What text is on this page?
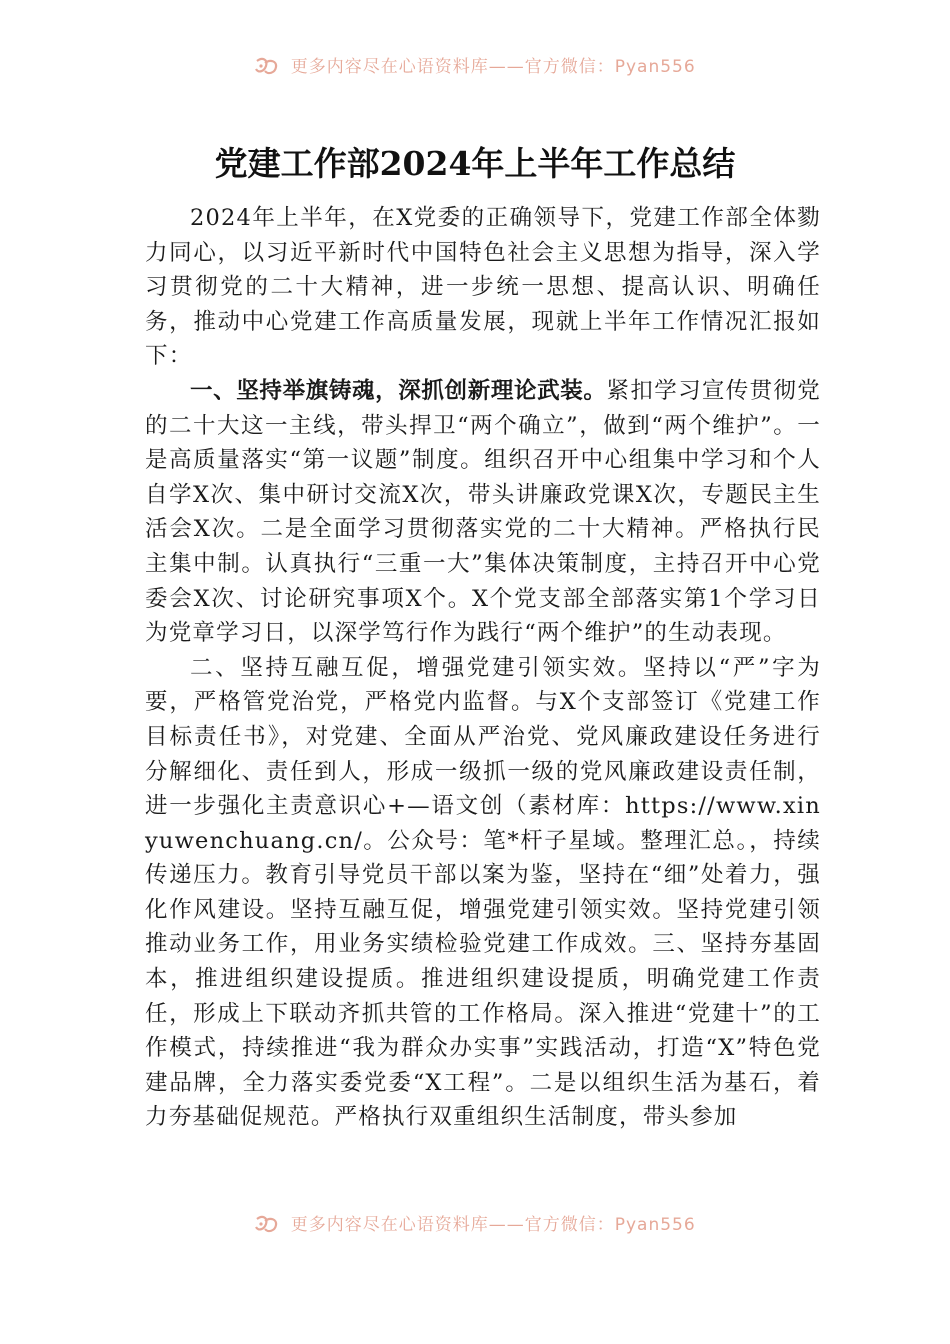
更多内容尽在心语资料库——官方微信：Pyan556
党建工作部2024年上半年工作总结

2024年上半年，在X党委的正确领导下，党建工作部全体勠力同心，以习近平新时代中国特色社会主义思想为指导，深入学习贯彻党的二十大精神，进一步统一思想、提高认识、明确任务，推动中心党建工作高质量发展，现就上半年工作情况汇报如下：

一、坚持举旗铸魂，深抓创新理论武装。紧扣学习宣传贯彻党的二十大这一主线，带头捍卫“两个确立”，做到“两个维护”。一是高质量落实“第一议题”制度。组织召开中心组集中学习和个人自学X次、集中研讨交流X次，带头讲廉政党课X次，专题民主生活会X次。二是全面学习贯彻落实党的二十大精神。严格执行民主集中制。认真执行“三重一大”集体决策制度，主持召开中心党委会X次、讨论研究事项X个。X个党支部全部落实第1个学习日为党章学习日，以深学笃行作为践行“两个维护”的生动表现。

二、坚持互融互促，增强党建引领实效。坚持以“严”字为要，严格管党治党，严格党内监督。与X个支部签订《党建工作目标责任书》，对党建、全面从严治党、党风廉政建设任务进行分解细化、责任到人，形成一级抓一级的党风廉政建设责任制，进一步强化主责意识心+—语文创（素材库：https://www.xinyuwenchuang.cn/。公众号：笔*杆子星域。整理汇总。，持续传递压力。教育引导党员干部以案为鉴，坚持在“细”处着力，强化作风建设。坚持互融互促，增强党建引领实效。坚持党建引领推动业务工作，用业务实绩检验党建工作成效。三、坚持夯基固本，推进组织建设提质。推进组织建设提质，明确党建工作责任，形成上下联动齐抓共管的工作格局。深入推进“党建十”的工作模式，持续推进“我为群众办实事”实践活动，打造“X”特色党建品牌，全力落实委党委“X工程”。二是以组织生活为基石，着力夯基础促规范。严格执行双重组织生活制度，带头参加

更多内容尽在心语资料库——官方微信：Pyan556
